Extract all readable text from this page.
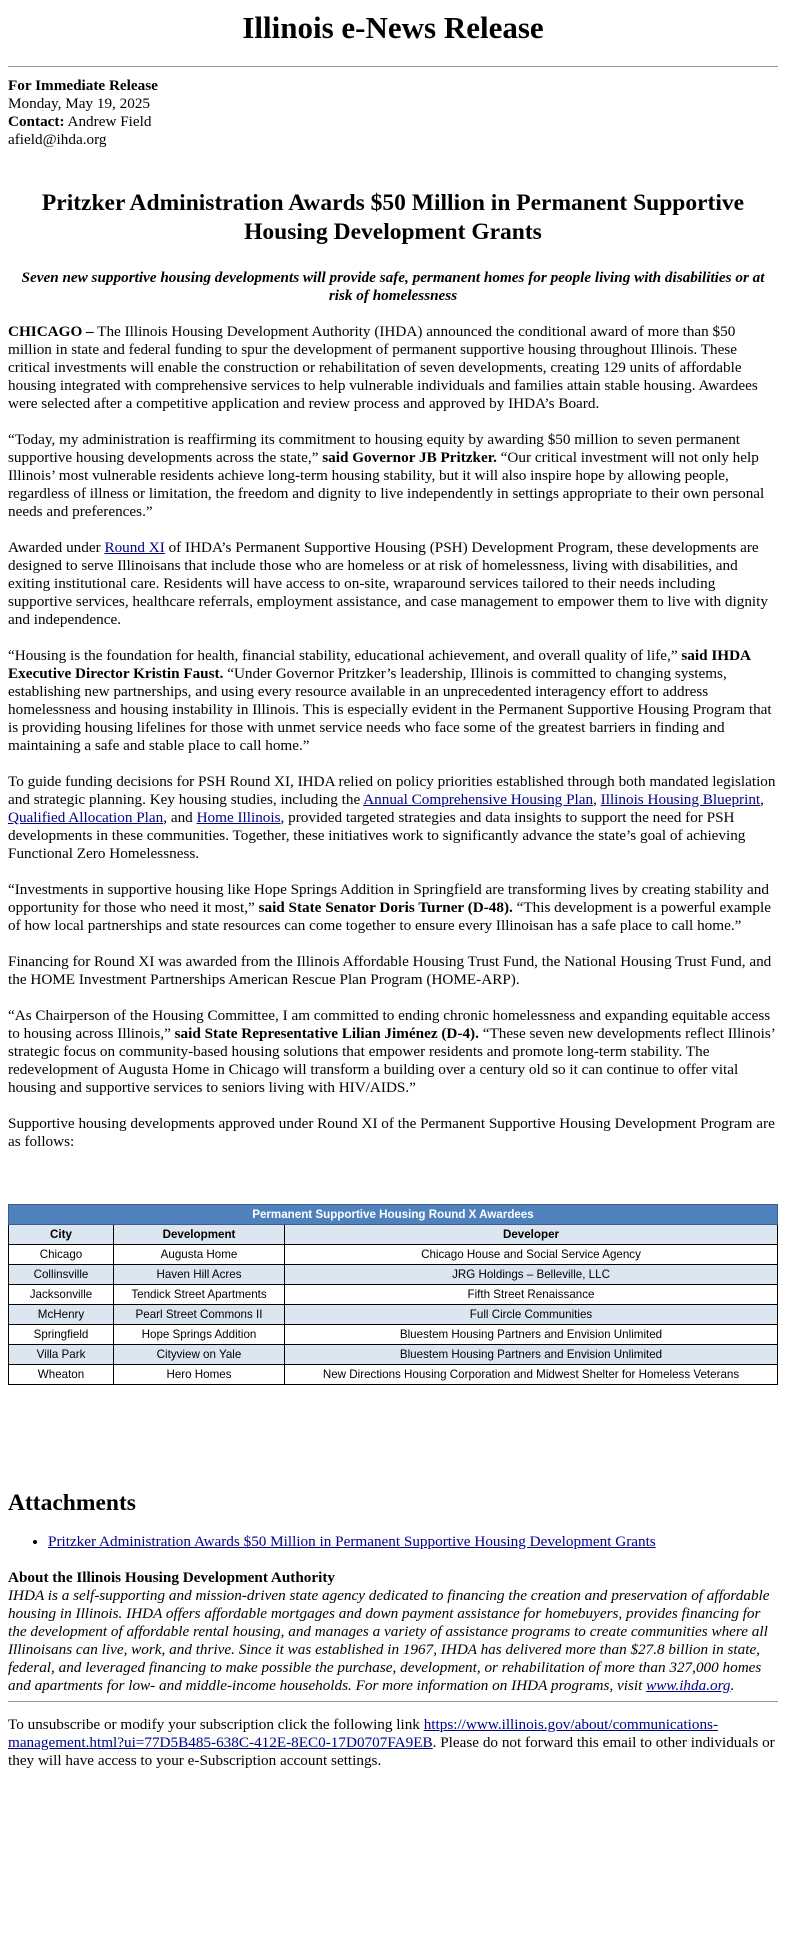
Illinois e-News Release

For Immediate Release

Monday, May 19, 2025

Contact: Andrew Field

afield@ihda.org

Pritzker Administration Awards $50 Million in Permanent Supportive Housing Development Grants

Seven new supportive housing developments will provide safe, permanent homes for people living with disabilities or at risk of homelessness

CHICAGO – The Illinois Housing Development Authority (IHDA) announced the conditional award of more than $50 million in state and federal funding to spur the development of permanent supportive housing throughout Illinois. These critical investments will enable the construction or rehabilitation of seven developments, creating 129 units of affordable housing integrated with comprehensive services to help vulnerable individuals and families attain stable housing. Awardees were selected after a competitive application and review process and approved by IHDA’s Board.

“Today, my administration is reaffirming its commitment to housing equity by awarding $50 million to seven permanent supportive housing developments across the state,” said Governor JB Pritzker. “Our critical investment will not only help Illinois’ most vulnerable residents achieve long-term housing stability, but it will also inspire hope by allowing people, regardless of illness or limitation, the freedom and dignity to live independently in settings appropriate to their own personal needs and preferences.”

Awarded under Round XI of IHDA’s Permanent Supportive Housing (PSH) Development Program, these developments are designed to serve Illinoisans that include those who are homeless or at risk of homelessness, living with disabilities, and exiting institutional care. Residents will have access to on-site, wraparound services tailored to their needs including supportive services, healthcare referrals, employment assistance, and case management to empower them to live with dignity and independence.

“Housing is the foundation for health, financial stability, educational achievement, and overall quality of life,” said IHDA Executive Director Kristin Faust. “Under Governor Pritzker’s leadership, Illinois is committed to changing systems, establishing new partnerships, and using every resource available in an unprecedented interagency effort to address homelessness and housing instability in Illinois. This is especially evident in the Permanent Supportive Housing Program that is providing housing lifelines for those with unmet service needs who face some of the greatest barriers in finding and maintaining a safe and stable place to call home.”

To guide funding decisions for PSH Round XI, IHDA relied on policy priorities established through both mandated legislation and strategic planning. Key housing studies, including the Annual Comprehensive Housing Plan, Illinois Housing Blueprint, Qualified Allocation Plan, and Home Illinois, provided targeted strategies and data insights to support the need for PSH developments in these communities. Together, these initiatives work to significantly advance the state’s goal of achieving Functional Zero Homelessness.

“Investments in supportive housing like Hope Springs Addition in Springfield are transforming lives by creating stability and opportunity for those who need it most,” said State Senator Doris Turner (D-48). “This development is a powerful example of how local partnerships and state resources can come together to ensure every Illinoisan has a safe place to call home.”

Financing for Round XI was awarded from the Illinois Affordable Housing Trust Fund, the National Housing Trust Fund, and the HOME Investment Partnerships American Rescue Plan Program (HOME-ARP).

“As Chairperson of the Housing Committee, I am committed to ending chronic homelessness and expanding equitable access to housing across Illinois,” said State Representative Lilian Jiménez (D-4). “These seven new developments reflect Illinois’ strategic focus on community-based housing solutions that empower residents and promote long-term stability. The redevelopment of Augusta Home in Chicago will transform a building over a century old so it can continue to offer vital housing and supportive services to seniors living with HIV/AIDS.”

Supportive housing developments approved under Round XI of the Permanent Supportive Housing Development Program are as follows:

Permanent Supportive Housing Round X Awardees		
City	Development	Developer
Chicago	Augusta Home	Chicago House and Social Service Agency
Collinsville	Haven Hill Acres	JRG Holdings – Belleville, LLC
Jacksonville	Tendick Street Apartments	Fifth Street Renaissance
McHenry	Pearl Street Commons II	Full Circle Communities
Springfield	Hope Springs Addition	Bluestem Housing Partners and Envision Unlimited
Villa Park	Cityview on Yale	Bluestem Housing Partners and Envision Unlimited
Wheaton	Hero Homes	New Directions Housing Corporation and Midwest Shelter for Homeless Veterans
Attachments
• Pritzker Administration Awards $50 Million in Permanent Supportive Housing Development Grants

About the Illinois Housing Development Authority

IHDA is a self-supporting and mission-driven state agency dedicated to financing the creation and preservation of affordable housing in Illinois. IHDA offers affordable mortgages and down payment assistance for homebuyers, provides financing for the development of affordable rental housing, and manages a variety of assistance programs to create communities where all Illinoisans can live, work, and thrive. Since it was established in 1967, IHDA has delivered more than $27.8 billion in state, federal, and leveraged financing to make possible the purchase, development, or rehabilitation of more than 327,000 homes and apartments for low- and middle-income households. For more information on IHDA programs, visit www.ihda.org.

To unsubscribe or modify your subscription click the following link https://www.illinois.gov/about/communications-management.html?ui=77D5B485-638C-412E-8EC0-17D0707FA9EB. Please do not forward this email to other individuals or they will have access to your e-Subscription account settings.
